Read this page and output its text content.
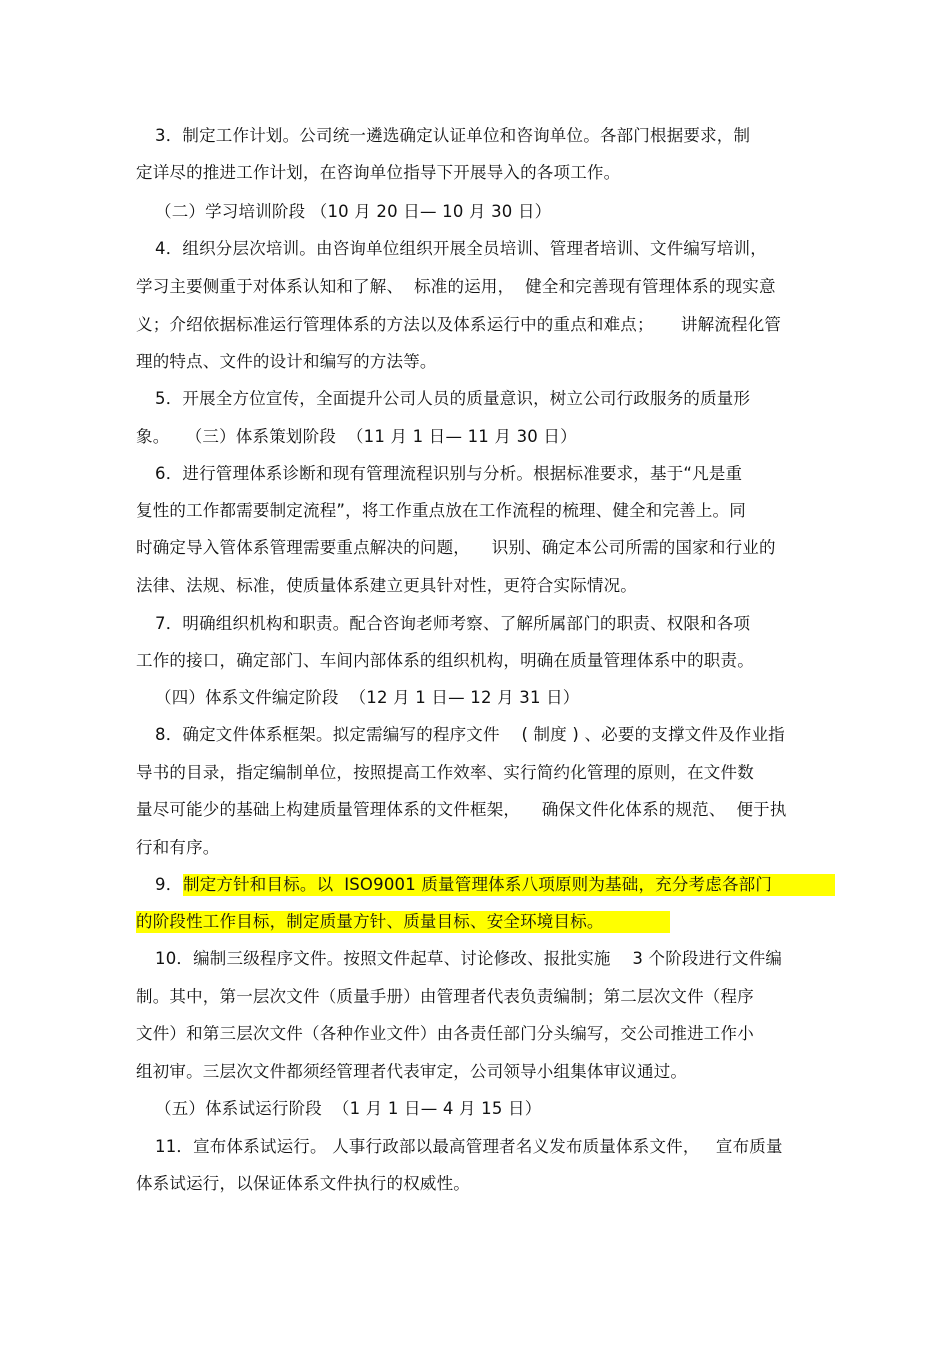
3．制定工作计划。公司统一遴选确定认证单位和咨询单位。各部门根据要求，制
定详尽的推进工作计划，在咨询单位指导下开展导入的各项工作。
（二）学习培训阶段 （10 月 20 日— 10 月 30 日）
4．组织分层次培训。由咨询单位组织开展全员培训、管理者培训、文件编写培训，
学习主要侧重于对体系认知和了解、  标准的运用，  健全和完善现有管理体系的现实意
义；介绍依据标准运行管理体系的方法以及体系运行中的重点和难点；     讲解流程化管
理的特点、文件的设计和编写的方法等。
5．开展全方位宣传，全面提升公司人员的质量意识，树立公司行政服务的质量形
象。   （三）体系策划阶段  （11 月 1 日— 11 月 30 日）
6．进行管理体系诊断和现有管理流程识别与分析。根据标准要求，基于“凡是重
复性的工作都需要制定流程”，将工作重点放在工作流程的梳理、健全和完善上。同
时确定导入管体系管理需要重点解决的问题，    识别、确定本公司所需的国家和行业的
法律、法规、标准，使质量体系建立更具针对性，更符合实际情况。
7．明确组织机构和职责。配合咨询老师考察、了解所属部门的职责、权限和各项
工作的接口，确定部门、车间内部体系的组织机构，明确在质量管理体系中的职责。
（四）体系文件编定阶段  （12 月 1 日— 12 月 31 日）
8．确定文件体系框架。拟定需编写的程序文件    ( 制度 ) 、必要的支撑文件及作业指
导书的目录，指定编制单位，按照提高工作效率、实行简约化管理的原则，在文件数
量尽可能少的基础上构建质量管理体系的文件框架，    确保文件化体系的规范、  便于执
行和有序。
9． 制定方针和目标。以  ISO9001 质量管理体系八项原则为基础，充分考虑各部门
的阶段性工作目标，制定质量方针、质量目标、安全环境目标。
10．编制三级程序文件。按照文件起草、讨论修改、报批实施    3 个阶段进行文件编
制。其中，第一层次文件（质量手册）由管理者代表负责编制；第二层次文件（程序
文件）和第三层次文件（各种作业文件）由各责任部门分头编写，交公司推进工作小
组初审。三层次文件都须经管理者代表审定，公司领导小组集体审议通过。
（五）体系试运行阶段  （1 月 1 日— 4 月 15 日）
11．宣布体系试运行。 人事行政部以最高管理者名义发布质量体系文件，   宣布质量
体系试运行，以保证体系文件执行的权威性。
